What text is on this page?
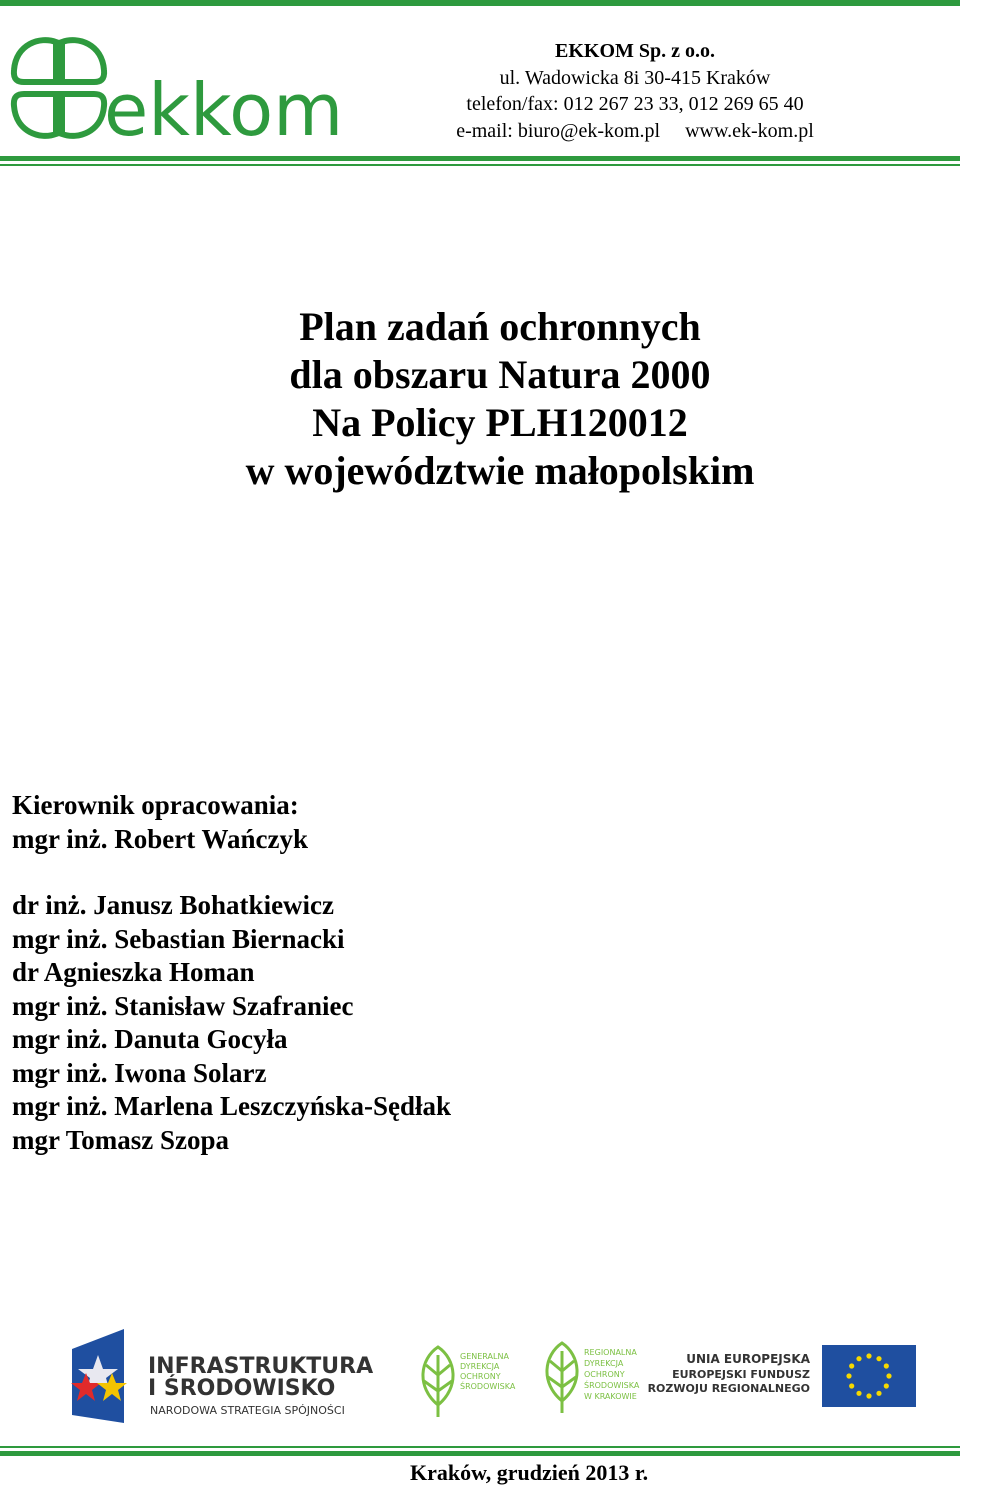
ekkom
EKKOM Sp. z o.o.
ul. Wadowicka 8i 30-415 Kraków
telefon/fax: 012 267 23 33, 012 269 65 40
e-mail: biuro@ek-kom.pl     www.ek-kom.pl
Plan zadań ochronnych
dla obszaru Natura 2000
Na Policy PLH120012
w województwie małopolskim
Kierownik opracowania:
mgr inż. Robert Wańczyk
dr inż. Janusz Bohatkiewicz
mgr inż. Sebastian Biernacki
dr Agnieszka Homan
mgr inż. Stanisław Szafraniec
mgr inż. Danuta Gocyła
mgr inż. Iwona Solarz
mgr inż. Marlena Leszczyńska-Sędłak
mgr Tomasz Szopa
INFRASTRUKTURA
I ŚRODOWISKO
NARODOWA STRATEGIA SPÓJNOŚCI
GENERALNA
DYREKCJA
OCHRONY
ŚRODOWISKA
REGIONALNA
DYREKCJA
OCHRONY
ŚRODOWISKA
W KRAKOWIE
UNIA EUROPEJSKA
EUROPEJSKI FUNDUSZ
ROZWOJU REGIONALNEGO
Kraków, grudzień 2013 r.
